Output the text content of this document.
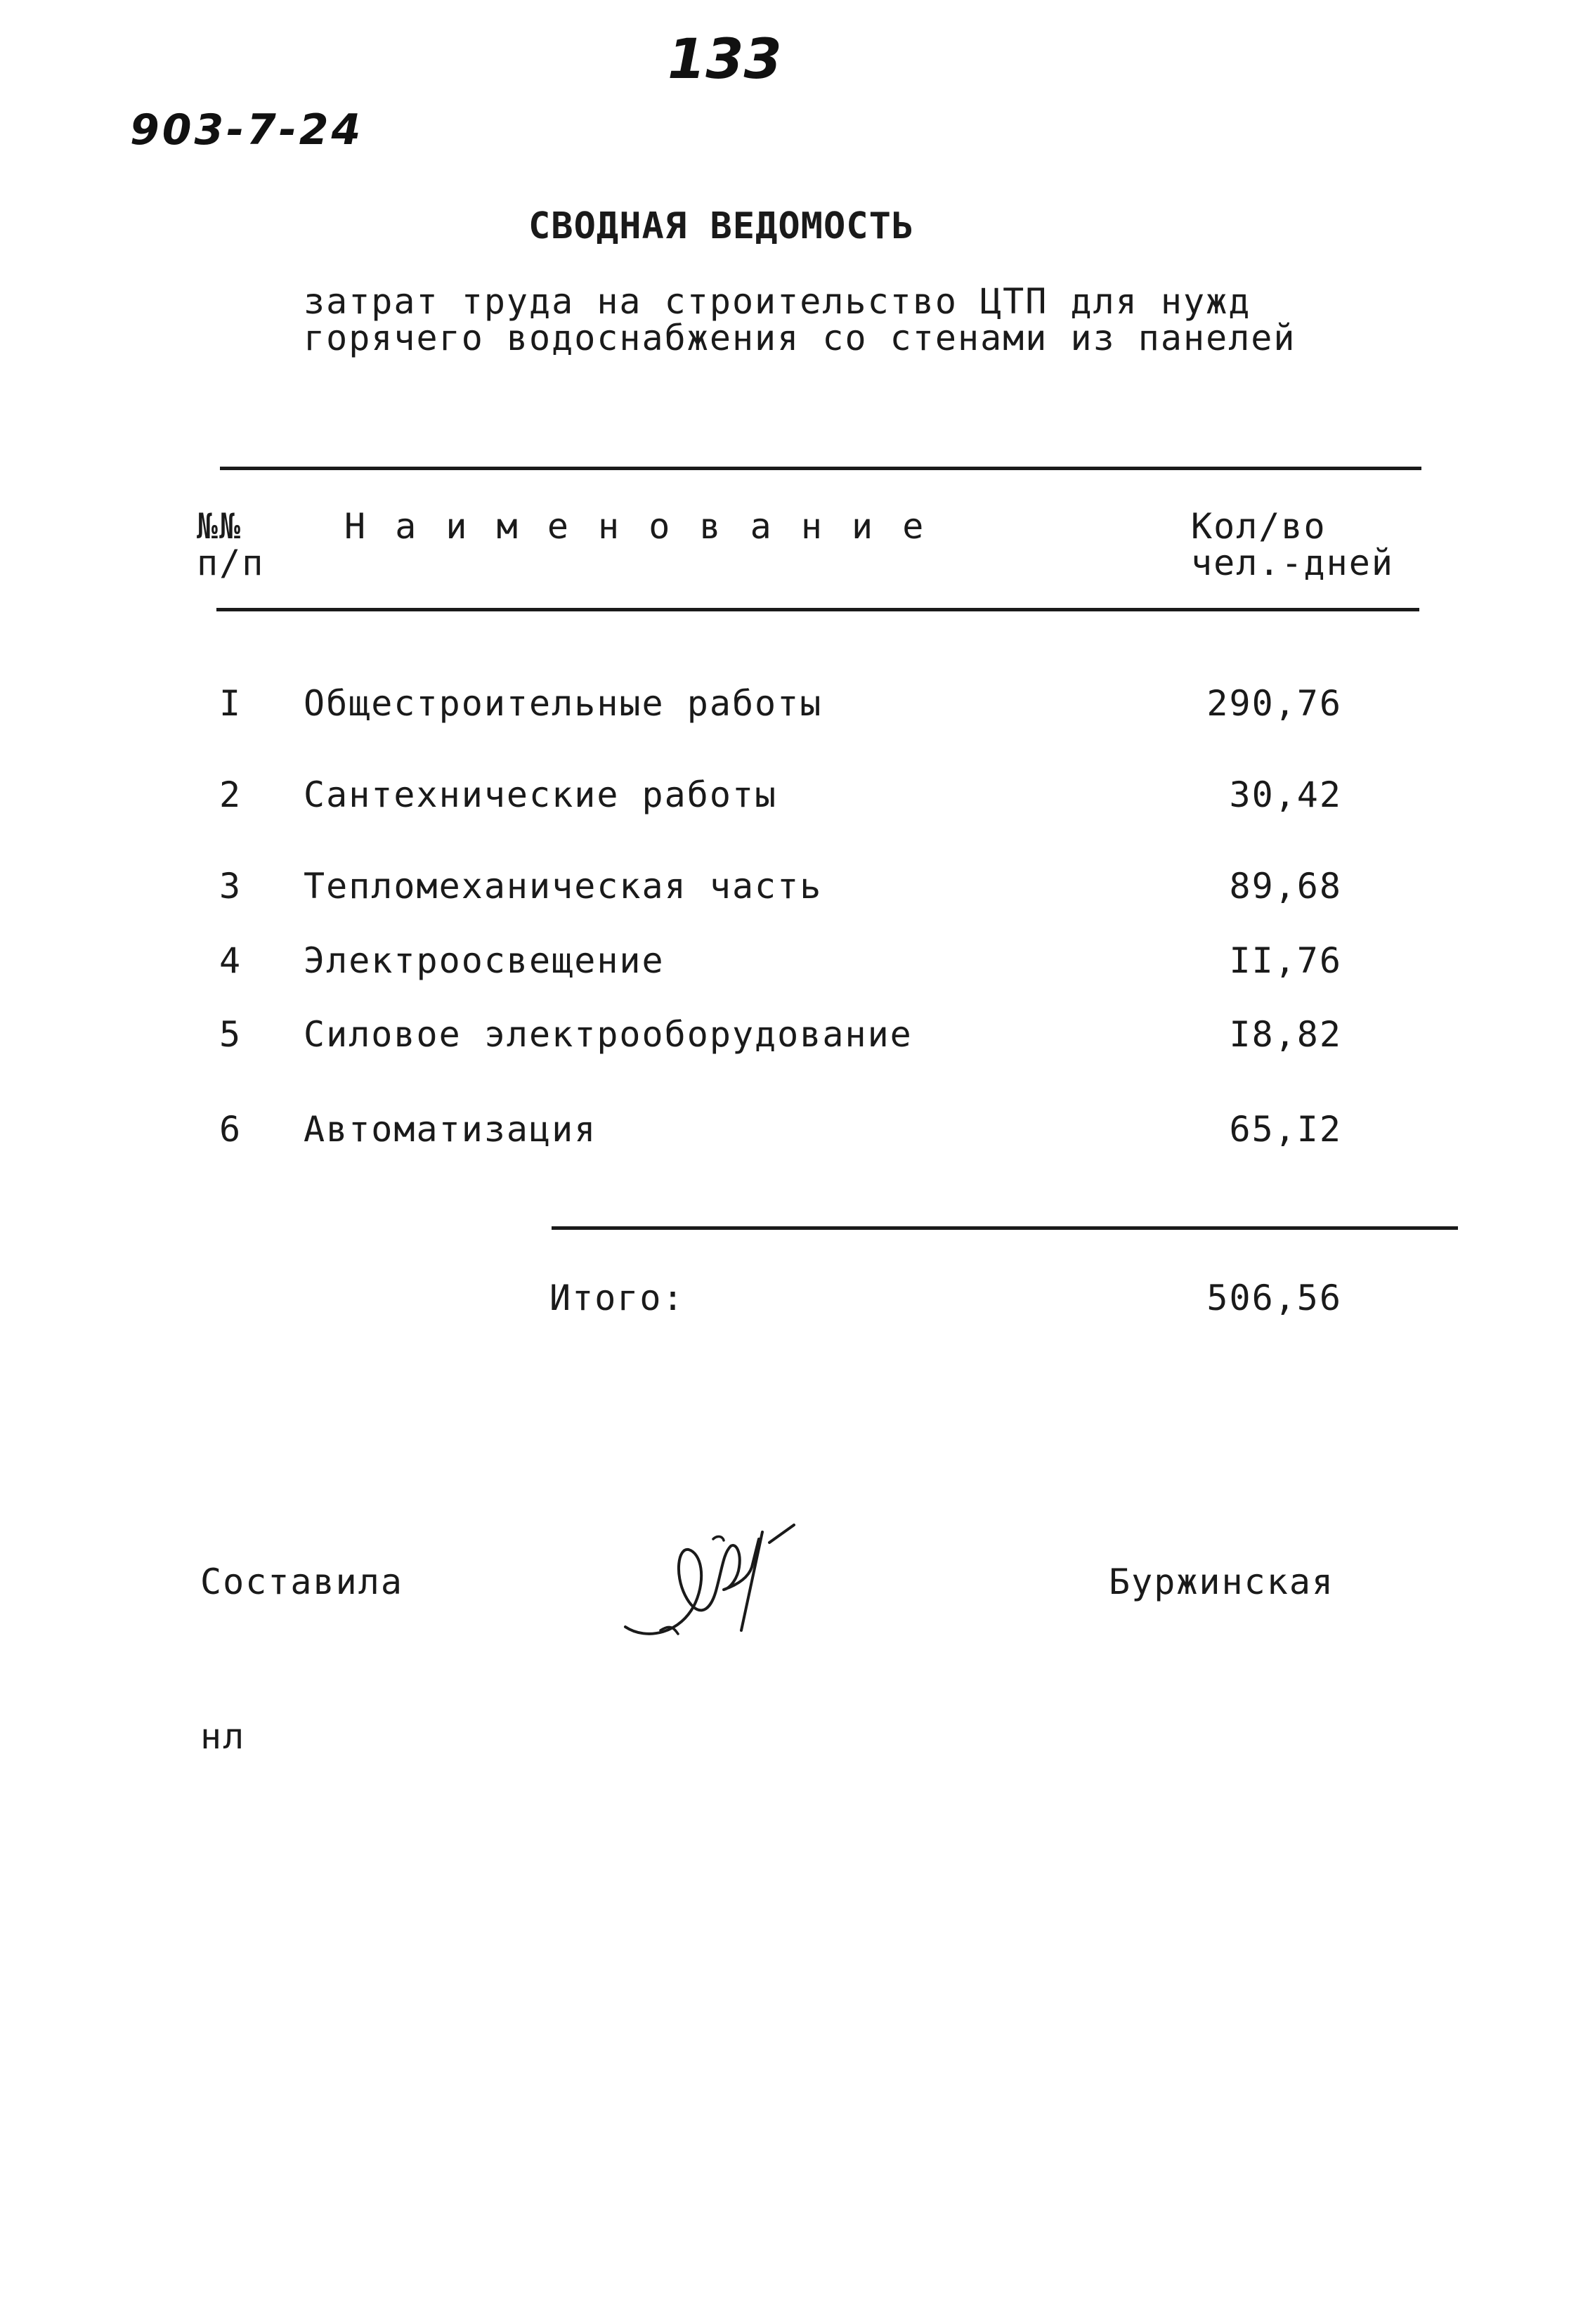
133
903-7-24
СВОДНАЯ ВЕДОМОСТЬ
затрат труда на строительство ЦТП для нужд
горячего водоснабжения со стенами из панелей
№№
п/п
Н а и м е н о в а н и е	Кол/во
чел.-дней
I Общестроительные работы	290,76
2 Сантехнические работы	30,42
3 Тепломеханическая часть	89,68
4 Электроосвещение	II,76
5 Силовое электрооборудование	I8,82
6 Автоматизация	65,I2
Итого:	506,56
Составила	Буржинская
нл
